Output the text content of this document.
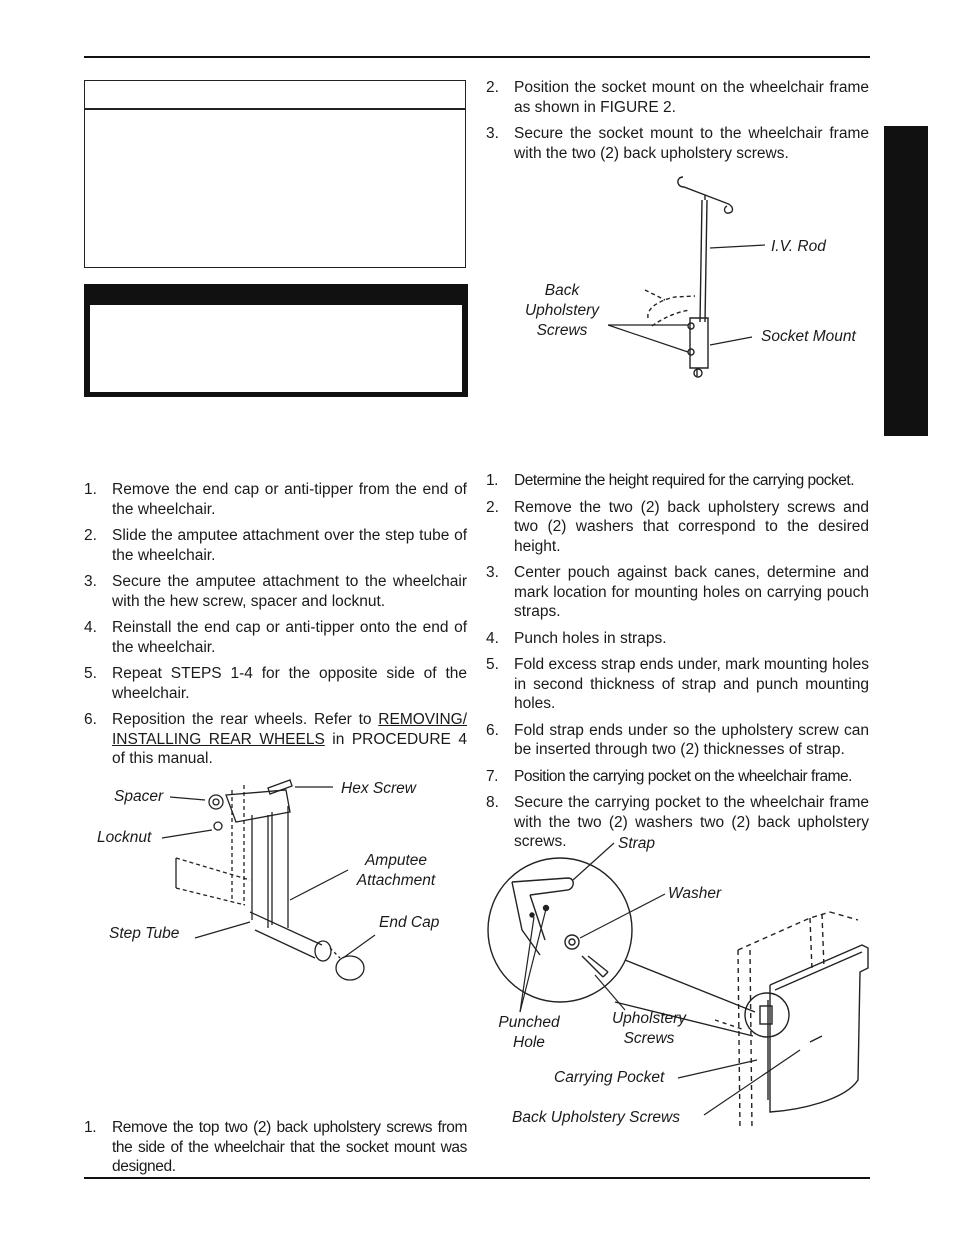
1. Remove the end cap or anti-tipper from the end of the wheelchair.
2. Slide the amputee attachment over the step tube of the wheelchair.
3. Secure the amputee attachment to the wheelchair with the hew screw, spacer and locknut.
4. Reinstall the end cap or anti-tipper onto the end of the wheelchair.
5. Repeat STEPS 1-4 for the opposite side of the wheelchair.
6. Reposition the rear wheels. Refer to REMOVING/ INSTALLING REAR WHEELS in PROCEDURE 4 of this manual.
Spacer	Hex Screw
Locknut
Amputee Attachment
End Cap
Step Tube
1. Remove the top two (2) back upholstery screws from the side of the wheelchair that the socket mount was designed.
2. Position the socket mount on the wheelchair frame as shown in FIGURE 2.
3. Secure the socket mount to the wheelchair frame with the two (2) back upholstery screws.
I.V. Rod
Back Upholstery Screws	Socket Mount
1. Determine the height required for the carrying pocket.
2. Remove the two (2) back upholstery screws and two (2) washers that correspond to the desired height.
3. Center pouch against back canes, determine and mark location for mounting holes on carrying pouch straps.
4. Punch holes in straps.
5. Fold excess strap ends under, mark mounting holes in second thickness of strap and punch mounting holes.
6. Fold strap ends under so the upholstery screw can be inserted through two (2) thicknesses of strap.
7. Position the carrying pocket on the wheelchair frame.
8. Secure the carrying pocket to the wheelchair frame with the two (2) washers two (2) back upholstery screws.	Strap
Washer
Punched Hole
Upholstery Screws
Carrying Pocket
Back Upholstery Screws
